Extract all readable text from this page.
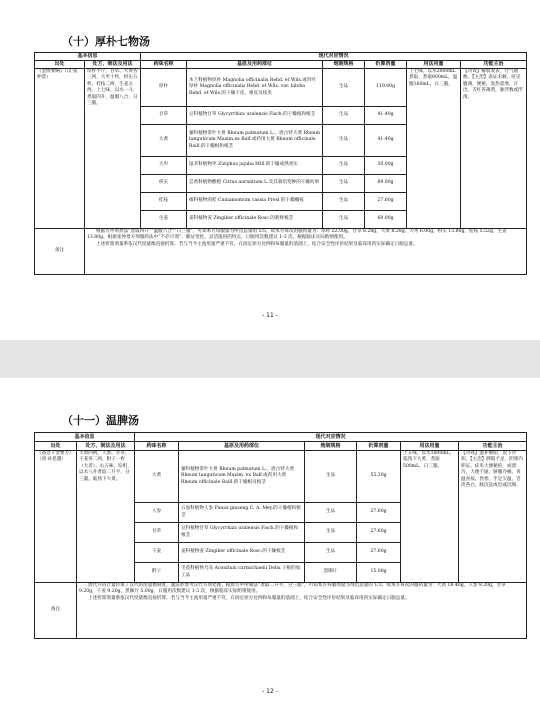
（十）厚朴七物汤
基本信息		现代对应情况					
出处	处方、制法及用法	药味名称	基原及用药部位	炮制规格	折算剂量	用法用量	功能主治
《金匮要略》（汉·张仲景）	厚朴半斤，甘草、大黄各三两，大枣十枚，枳实五枚，桂枝二两，生姜五两。上七味，以水一斗，煮取四升，温服八合，日三服。	厚朴	木兰科植物厚朴 Magnolia officinalis Rehd. et Wils.或凹叶厚朴 Magnolia officinalis Rehd. et Wils. var. biloba Rehd. et Wils.的干燥干皮、根皮及枝皮	生品	110.00g	上七味，以水2000mL煮取，煮取800mL，温服160mL，日三服。	【功效】解肌发表，行气通便。【主治】表证未解，症见腹满，便秘，发热恶寒，汗出，舌红苔薄黄，脉浮数或浮滑。
		甘草	豆科植物甘草 Glycyrrhiza uralensis Fisch.的干燥根和根茎	生品	41.40g		
		大黄	蓼科植物掌叶大黄 Rheum palmatum L.、唐古特大黄 Rheum tanguticum Maxim.ex Balf.或药用大黄 Rheum officinale Baill.的干燥根和根茎	生品	41.40g		
		大枣	鼠李科植物枣 Ziziphus jujuba Mill.的干燥成熟果实	生品	30.00g		
		枳实	芸香科植物酸橙 Citrus aurantium L.及其栽培变种的干燥幼果	生品	69.00g		
		桂枝	樟科植物肉桂 Cinnamomum cassia Presl 的干燥嫩枝	生品	27.60g		
		生姜	姜科植物姜 Zingiber officinale Rosc.的新鲜根茎	生品	69.00g		
备注	根据方中剂煮法“煮取四升”“温服八合”“日三服”，可知本方每服量为所出总量的 1/5，故本方每次的服药量为：厚朴 22.00g，甘草 8.28g，大黄 8.28g，大枣 6.00g，枳实 13.80g，桂枝 5.52g，生姜 13.80g。根据张仲景方剂服药法中“不必尽剂”、随证变化、灵活施用的特点，日服用次数建议 1-3 次，根据临床实际酌情使用。
上述折算剂量系依汉代度量衡直接折算，若与当今主流用量严重不符，在固定原方比例和每服量的基础上，结合安全性评价结果及临床用药实际确定日服总量。						
- 11 -
（十一）温脾汤
基本信息		现代对应情况					
出处	处方、制法及用法	药味名称	基原及用药部位	炮制规格	折算剂量	用法用量	功能主治
《备急千金要方》（唐·孙思邈）	大黄四两，人参、甘草、干姜各二两，附子一枚（大者）。右五味，㕮咀，以水八升煮取二升半，分三服。临熟下大黄。	大黄	蓼科植物掌叶大黄 Rheum palmatum L.、唐古特大黄 Rheum tanguticum Maxim. ex Balf.或药用大黄 Rheum officinale Baill.的干燥根及根茎	生品	55.20g	上五味，以水1600mL，临熟下大黄，煮取500mL，日三服。	【功效】温补脾阳，攻下冷积。【主治】脾阳不足，阴寒内积证。症见大便秘结，或泄泻，大便不通，脐腹冷痛，喜温喜按，畏寒，手足欠温，舌淡苔白，脉沉弦或迟或沉细。
		人参	五加科植物人参 Panax ginseng C. A. Mey.的干燥根和根茎	生品	27.60g		
		甘草	豆科植物甘草 Glycyrrhiza uralensis Fisch.的干燥根和根茎	生品	27.60g		
		干姜	姜科植物姜 Zingiber officinale Rosc.的干燥根茎	生品	27.60g		
		附子	毛茛科植物乌头 Aconitum carmichaelii Debx.子根的加工品	黑顺片	15.00g		
备注	唐代方药计量传承了汉代的度量衡制度，服法亦参考汉代方剂处理。据原方中所服法“煮取二升半，分三服”，可知本方每服剂量为剂出总量的 1/3，故本方每次的服药量为：大黄 18.40g，人参 9.20g，甘草 9.20g，干姜 9.20g，黑顺片 5.00g，日服用次数建议 1-3 次，根据临床实际酌情使用。
上述折算剂量系依汉代度量衡直接折算，若与当今主流用量严重不符，在固定原方比例和每服量的基础上，结合安全性评价结果及临床用药实际确定日服总量。						
- 12 -
